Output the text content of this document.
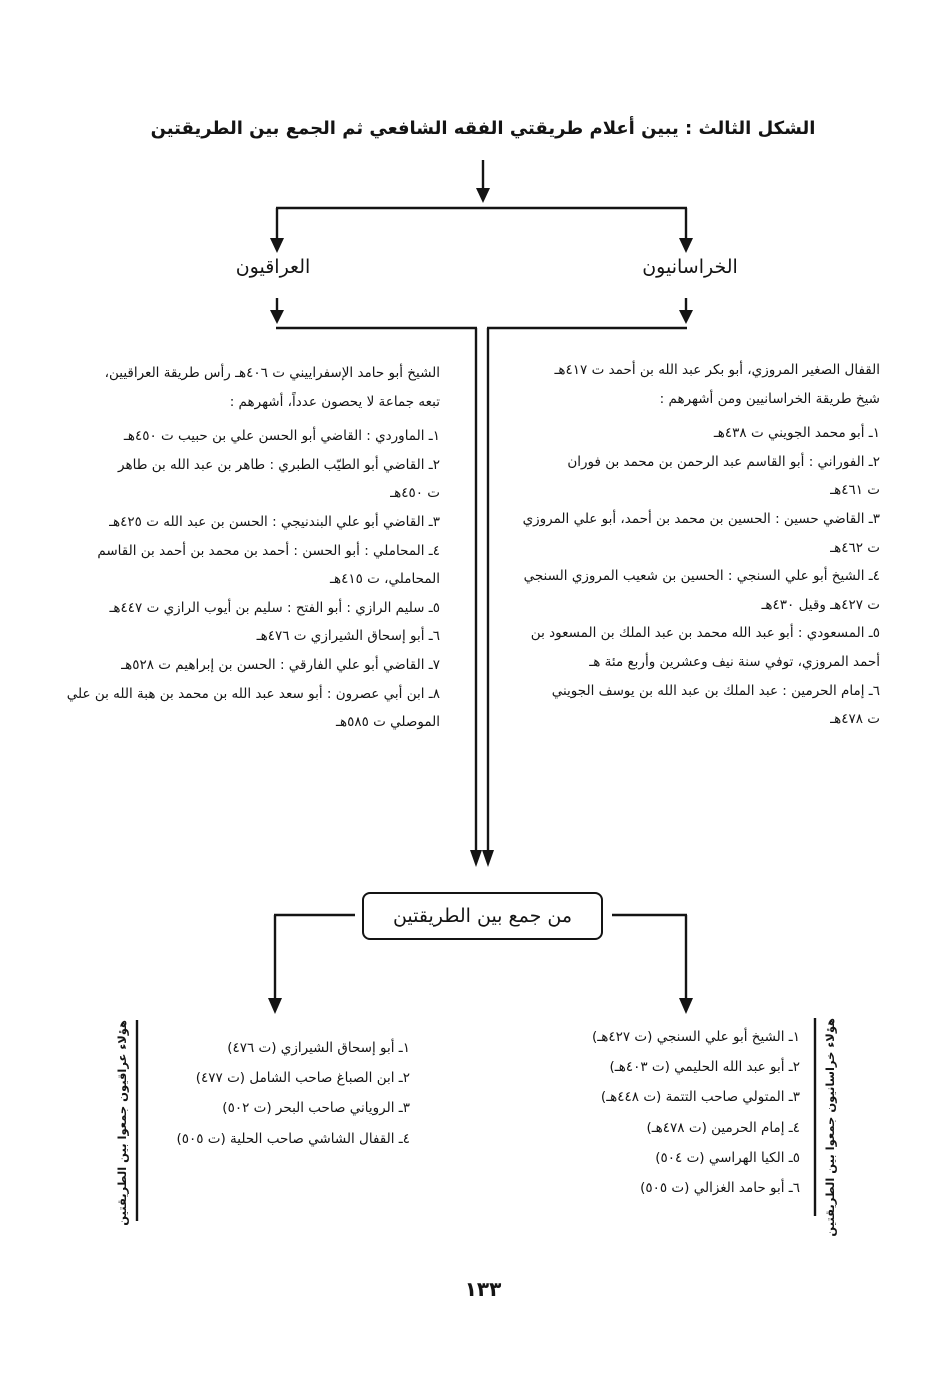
الشكل الثالث : يبين أعلام طريقتي الفقه الشافعي ثم الجمع بين الطريقتين
الخراسانيون
العراقيون
القفال الصغير المروزي، أبو بكر عبد الله بن أحمد ت ٤١٧هـ
شيخ طريقة الخراسانيين ومن أشهرهم :
١ـ أبو محمد الجويني ت ٤٣٨هـ
٢ـ الفوراني : أبو القاسم عبد الرحمن بن محمد بن فوران
ت ٤٦١هـ
٣ـ القاضي حسين : الحسين بن محمد بن أحمد، أبو علي المروزي
ت ٤٦٢هـ
٤ـ الشيخ أبو علي السنجي : الحسين بن شعيب المروزي السنجي
ت ٤٢٧هـ وقيل ٤٣٠هـ
٥ـ المسعودي : أبو عبد الله محمد بن عبد الملك بن المسعود بن
أحمد المروزي، توفي سنة نيف وعشرين وأربع مئة هـ
٦ـ إمام الحرمين : عبد الملك بن عبد الله بن يوسف الجويني
ت ٤٧٨هـ
الشيخ أبو حامد الإسفراييني ت ٤٠٦هـ رأس طريقة العراقيين،
تبعه جماعة لا يحصون عدداً، أشهرهم :
١ـ الماوردي : القاضي أبو الحسن علي بن حبيب ت ٤٥٠هـ
٢ـ القاضي أبو الطيّب الطبري : طاهر بن عبد الله بن طاهر
ت ٤٥٠هـ
٣ـ القاضي أبو علي البندنيجي : الحسن بن عبد الله ت ٤٢٥هـ
٤ـ المحاملي : أبو الحسن : أحمد بن محمد بن أحمد بن القاسم
المحاملي، ت ٤١٥هـ
٥ـ سليم الرازي : أبو الفتح : سليم بن أيوب الرازي ت ٤٤٧هـ
٦ـ أبو إسحاق الشيرازي ت ٤٧٦هـ
٧ـ القاضي أبو علي الفارقي : الحسن بن إبراهيم ت ٥٢٨هـ
٨ـ ابن أبي عصرون : أبو سعد عبد الله بن محمد بن هبة الله بن علي
الموصلي ت ٥٨٥هـ
من جمع بين الطريقتين
١ـ الشيخ أبو علي السنجي (ت ٤٢٧هـ)
٢ـ أبو عبد الله الحليمي (ت ٤٠٣هـ)
٣ـ المتولي صاحب التتمة (ت ٤٤٨هـ)
٤ـ إمام الحرمين (ت ٤٧٨هـ)
٥ـ الكيا الهراسي (ت ٥٠٤)
٦ـ أبو حامد الغزالي (ت ٥٠٥) هؤلاء خراسانيون جمعوا بين الطريقتين
١ـ أبو إسحاق الشيرازي (ت ٤٧٦)
٢ـ ابن الصباغ صاحب الشامل (ت ٤٧٧)
٣ـ الروياني صاحب البحر (ت ٥٠٢)
٤ـ القفال الشاشي صاحب الحلية (ت ٥٠٥)
هؤلاء عراقيون جمعوا بين الطريقتين
١٣٣
